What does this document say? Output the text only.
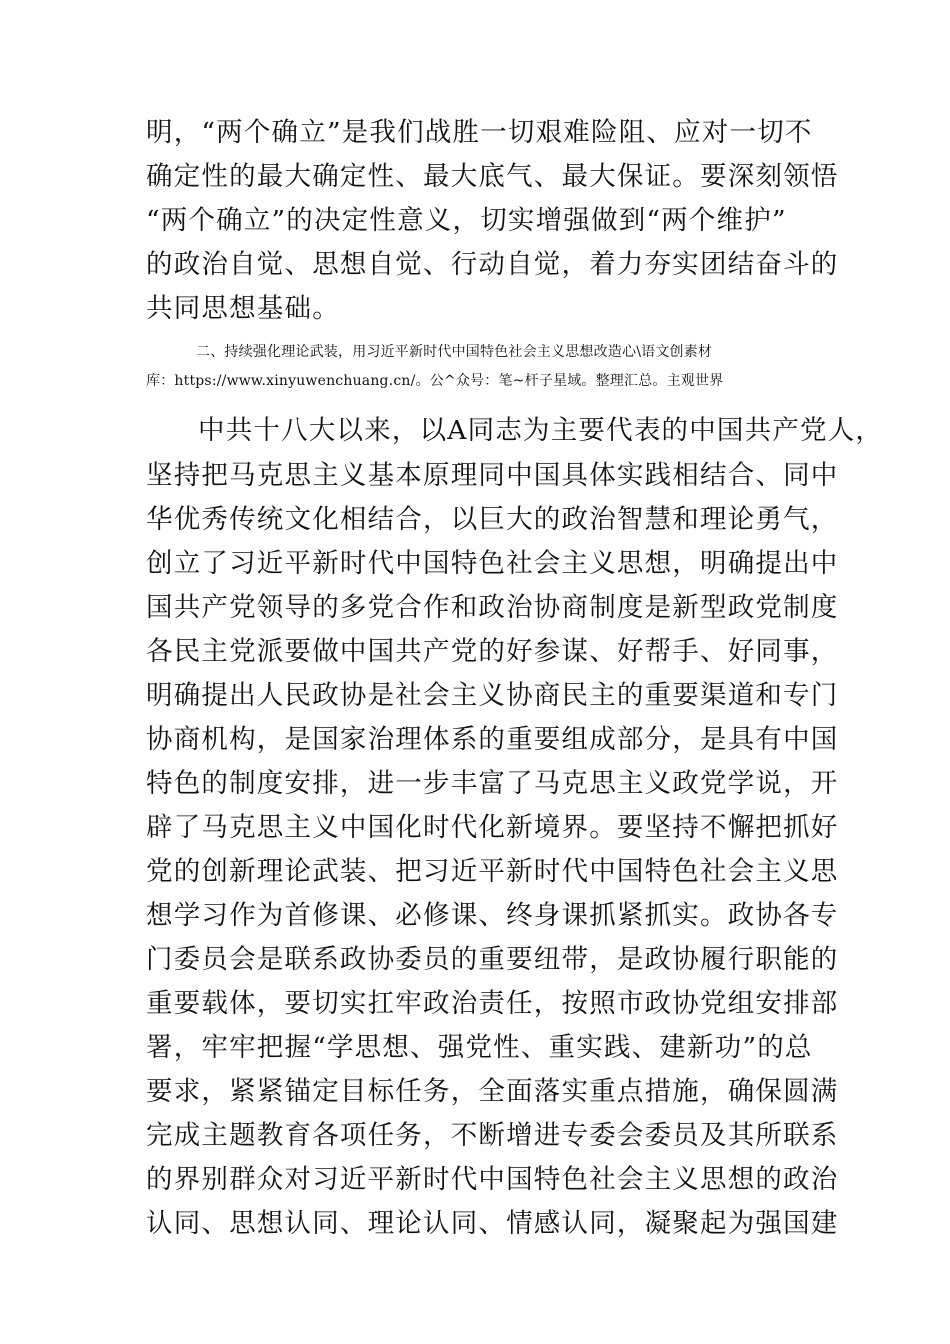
明，“两个确立”是我们战胜一切艰难险阻、应对一切不

确定性的最大确定性、最大底气、最大保证。要深刻领悟

“两个确立”的决定性意义，切实增强做到“两个维护”

的政治自觉、思想自觉、行动自觉，着力夯实团结奋斗的

共同思想基础。

二、持续强化理论武装，用习近平新时代中国特色社会主义思想改造心\语文创素材

库：https://www.xinyuwenchuang.cn/。公^众号：笔~杆子星域。整理汇总。主观世界

中共十八大以来，以A同志为主要代表的中国共产党人，

坚持把马克思主义基本原理同中国具体实践相结合、同中

华优秀传统文化相结合，以巨大的政治智慧和理论勇气，

创立了习近平新时代中国特色社会主义思想，明确提出中

国共产党领导的多党合作和政治协商制度是新型政党制度

各民主党派要做中国共产党的好参谋、好帮手、好同事，

明确提出人民政协是社会主义协商民主的重要渠道和专门

协商机构，是国家治理体系的重要组成部分，是具有中国

特色的制度安排，进一步丰富了马克思主义政党学说，开

辟了马克思主义中国化时代化新境界。要坚持不懈把抓好

党的创新理论武装、把习近平新时代中国特色社会主义思

想学习作为首修课、必修课、终身课抓紧抓实。政协各专

门委员会是联系政协委员的重要纽带，是政协履行职能的

重要载体，要切实扛牢政治责任，按照市政协党组安排部

署，牢牢把握“学思想、强党性、重实践、建新功”的总

要求，紧紧锚定目标任务，全面落实重点措施，确保圆满

完成主题教育各项任务，不断增进专委会委员及其所联系

的界别群众对习近平新时代中国特色社会主义思想的政治

认同、思想认同、理论认同、情感认同，凝聚起为强国建
